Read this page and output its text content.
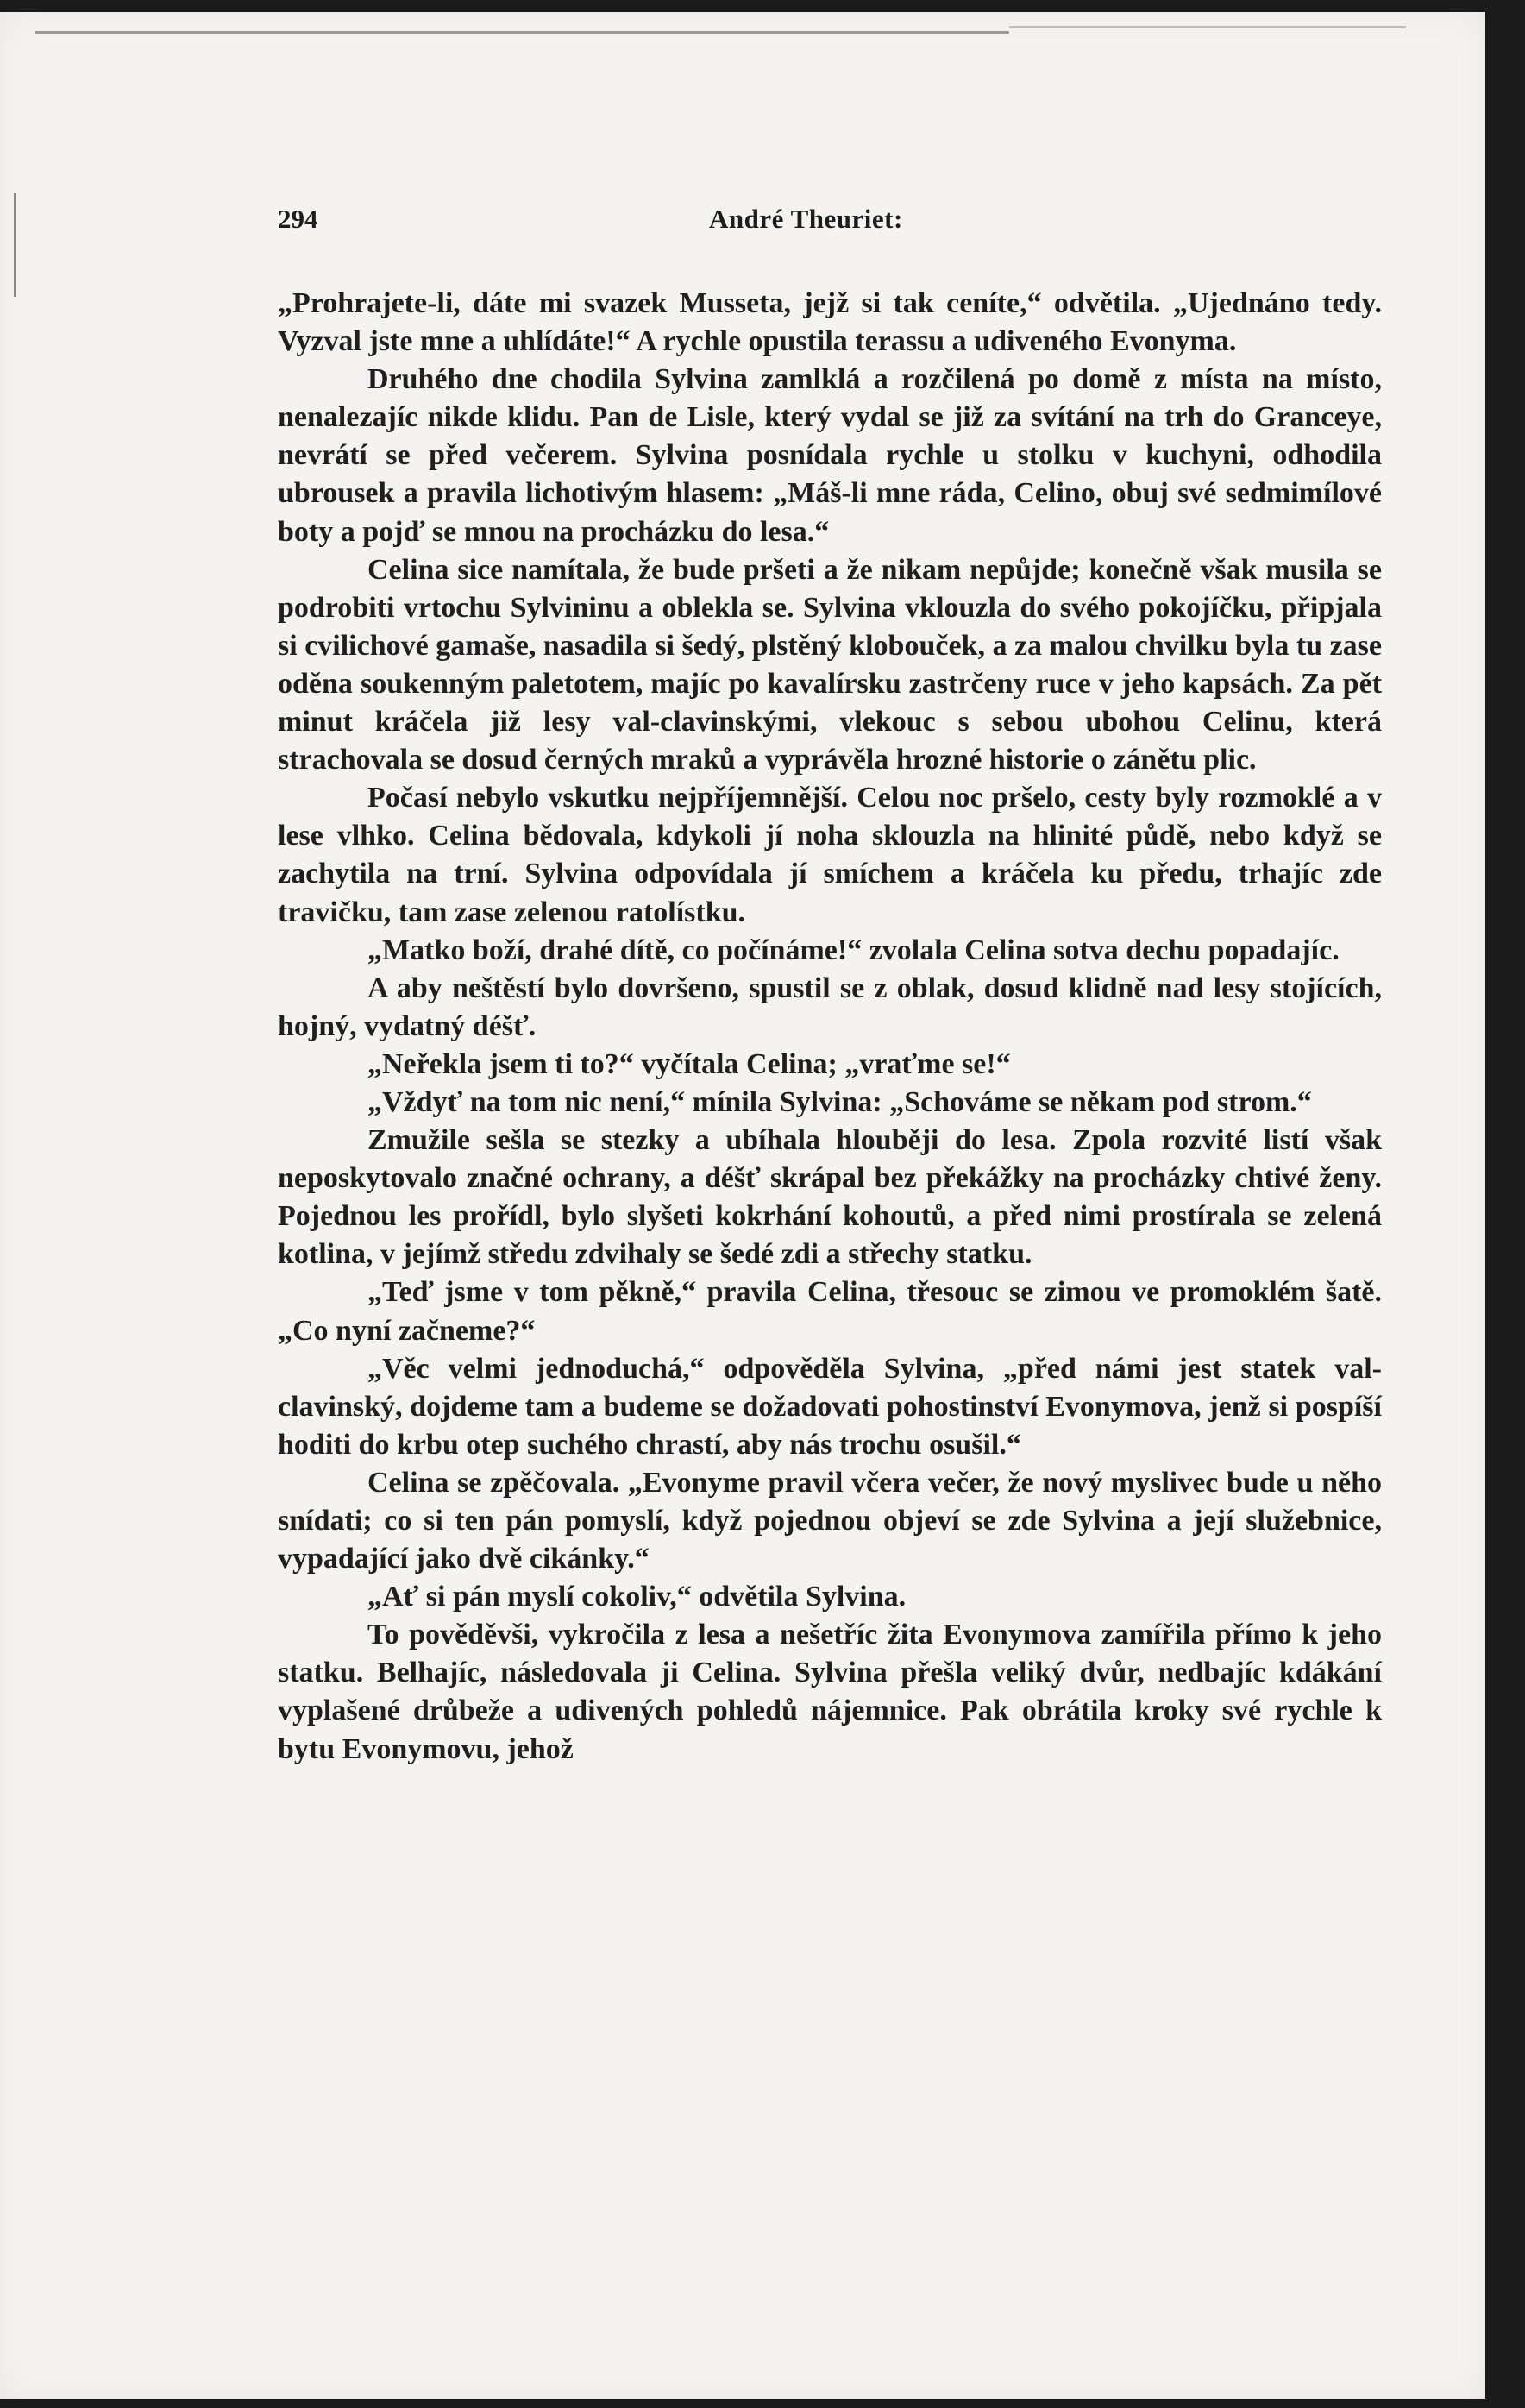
294	André Theuriet:

„Prohrajete-li, dáte mi svazek Musseta, jejž si tak ceníte,“ odvětila. „Ujednáno tedy. Vyzval jste mne a uhlídáte!“ A rychle opustila terassu a udiveného Evonyma.

Druhého dne chodila Sylvina zamlklá a rozčilená po domě z místa na místo, nenalezajíc nikde klidu. Pan de Lisle, který vydal se již za svítání na trh do Granceye, nevrátí se před večerem. Sylvina posnídala rychle u stolku v kuchyni, odhodila ubrousek a pravila lichotivým hlasem: „Máš-li mne ráda, Celino, obuj své sedmimílové boty a pojď se mnou na procházku do lesa.“

Celina sice namítala, že bude pršeti a že nikam nepůjde; konečně však musila se podrobiti vrtochu Sylvininu a oblekla se. Sylvina vklouzla do svého pokojíčku, připjala si cvilichové gamaše, nasadila si šedý, plstěný klobouček, a za malou chvilku byla tu zase oděna soukenným paletotem, majíc po kavalírsku zastrčeny ruce v jeho kapsách. Za pět minut kráčela již lesy val-clavinskými, vlekouc s sebou ubohou Celinu, která strachovala se dosud černých mraků a vyprávěla hrozné historie o zánětu plic.

Počasí nebylo vskutku nejpříjemnější. Celou noc pršelo, cesty byly rozmoklé a v lese vlhko. Celina bědovala, kdykoli jí noha sklouzla na hlinité půdě, nebo když se zachytila na trní. Sylvina odpovídala jí smíchem a kráčela ku předu, trhajíc zde travičku, tam zase zelenou ratolístku.

„Matko boží, drahé dítě, co počínáme!“ zvolala Celina sotva dechu popadajíc.

A aby neštěstí bylo dovršeno, spustil se z oblak, dosud klidně nad lesy stojících, hojný, vydatný déšť.

„Neřekla jsem ti to?“ vyčítala Celina; „vraťme se!“

„Vždyť na tom nic není,“ mínila Sylvina: „Schováme se někam pod strom.“

Zmužile sešla se stezky a ubíhala hlouběji do lesa. Zpola rozvité listí však neposkytovalo značné ochrany, a déšť skrápal bez překážky na procházky chtivé ženy. Pojednou les prořídl, bylo slyšeti kokrhání kohoutů, a před nimi prostírala se zelená kotlina, v jejímž středu zdvihaly se šedé zdi a střechy statku.

„Teď jsme v tom pěkně,“ pravila Celina, třesouc se zimou ve promoklém šatě. „Co nyní začneme?“

„Věc velmi jednoduchá,“ odpověděla Sylvina, „před námi jest statek val-clavinský, dojdeme tam a budeme se dožadovati pohostinství Evonymova, jenž si pospíší hoditi do krbu otep suchého chrastí, aby nás trochu osušil.“

Celina se zpěčovala. „Evonyme pravil včera večer, že nový myslivec bude u něho snídati; co si ten pán pomyslí, když pojednou objeví se zde Sylvina a její služebnice, vypadající jako dvě cikánky.“

„Ať si pán myslí cokoliv,“ odvětila Sylvina.

To pověděvši, vykročila z lesa a nešetříc žita Evonymova zamířila přímo k jeho statku. Belhajíc, následovala ji Celina. Sylvina přešla veliký dvůr, nedbajíc kdákání vyplašené drůbeže a udivených pohledů nájemnice. Pak obrátila kroky své rychle k bytu Evonymovu, jehož
